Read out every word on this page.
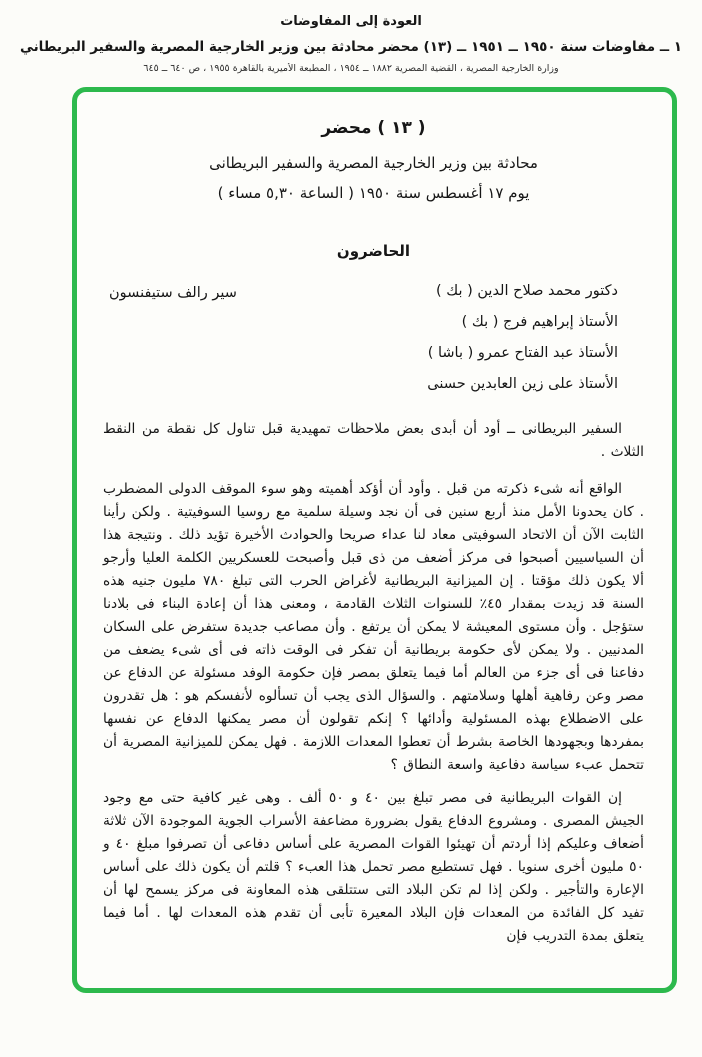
العودة إلى المفاوضات
١ ــ مفاوضات سنة ١٩٥٠ ــ ١٩٥١ ــ (١٣) محضر محادثة بين وزير الخارجية المصرية والسفير البريطاني
وزارة الخارجية المصرية ، القضية المصرية ١٨٨٢ ــ ١٩٥٤ ، المطبعة الأميرية بالقاهرة ١٩٥٥ ، ص ٦٤٠ ــ ٦٤٥
( ١٣ ) محضر
محادثة بين وزير الخارجية المصرية والسفير البريطانى
يوم ١٧ أغسطس سنة ١٩٥٠ ( الساعة ٥,٣٠ مساء )
الحاضرون
دكتور محمد صلاح الدين ( بك )
الأستاذ إبراهيم فرج ( بك )
الأستاذ عبد الفتاح عمرو ( باشا )
الأستاذ على زين العابدين حسنى
سير رالف ستيفنسون

السفير البريطانى ــ أود أن أبدى بعض ملاحظات تمهيدية قبل تناول كل نقطة من النقط الثلاث .

الواقع أنه شىء ذكرته من قبل . وأود أن أؤكد أهميته وهو سوء الموقف الدولى المضطرب . كان يحدونا الأمل منذ أربع سنين فى أن نجد وسيلة سلمية مع روسيا السوفيتية . ولكن رأينا الثابت الآن أن الاتحاد السوفيتى معاد لنا عداء صريحا والحوادث الأخيرة تؤيد ذلك . ونتيجة هذا أن السياسيين أصبحوا فى مركز أضعف من ذى قبل وأصبحت للعسكريين الكلمة العليا وأرجو ألا يكون ذلك مؤقتا . إن الميزانية البريطانية لأغراض الحرب التى تبلغ ٧٨٠ مليون جنيه هذه السنة قد زيدت بمقدار ٤٥٪ للسنوات الثلاث القادمة ، ومعنى هذا أن إعادة البناء فى بلادنا ستؤجل . وأن مستوى المعيشة لا يمكن أن يرتفع . وأن مصاعب جديدة ستفرض على السكان المدنيين . ولا يمكن لأى حكومة بريطانية أن تفكر فى الوقت ذاته فى أى شىء يضعف من دفاعنا فى أى جزء من العالم أما فيما يتعلق بمصر فإن حكومة الوفد مسئولة عن الدفاع عن مصر وعن رفاهية أهلها وسلامتهم . والسؤال الذى يجب أن تسألوه لأنفسكم هو : هل تقدرون على الاضطلاع بهذه المسئولية وأدائها ؟ إنكم تقولون أن مصر يمكنها الدفاع عن نفسها بمفردها وبجهودها الخاصة بشرط أن تعطوا المعدات اللازمة . فهل يمكن للميزانية المصرية أن تتحمل عبء سياسة دفاعية واسعة النطاق ؟

إن القوات البريطانية فى مصر تبلغ بين ٤٠ و ٥٠ ألف . وهى غير كافية حتى مع وجود الجيش المصرى . ومشروع الدفاع يقول بضرورة مضاعفة الأسراب الجوية الموجودة الآن ثلاثة أضعاف وعليكم إذا أردتم أن تهيئوا القوات المصرية على أساس دفاعى أن تصرفوا مبلغ ٤٠ و ٥٠ مليون أخرى سنويا . فهل تستطيع مصر تحمل هذا العبء ؟ قلتم أن يكون ذلك على أساس الإعارة والتأجير . ولكن إذا لم تكن البلاد التى ستتلقى هذه المعاونة فى مركز يسمح لها أن تفيد كل الفائدة من المعدات فإن البلاد المعيرة تأبى أن تقدم هذه المعدات لها . أما فيما يتعلق بمدة التدريب فإن
